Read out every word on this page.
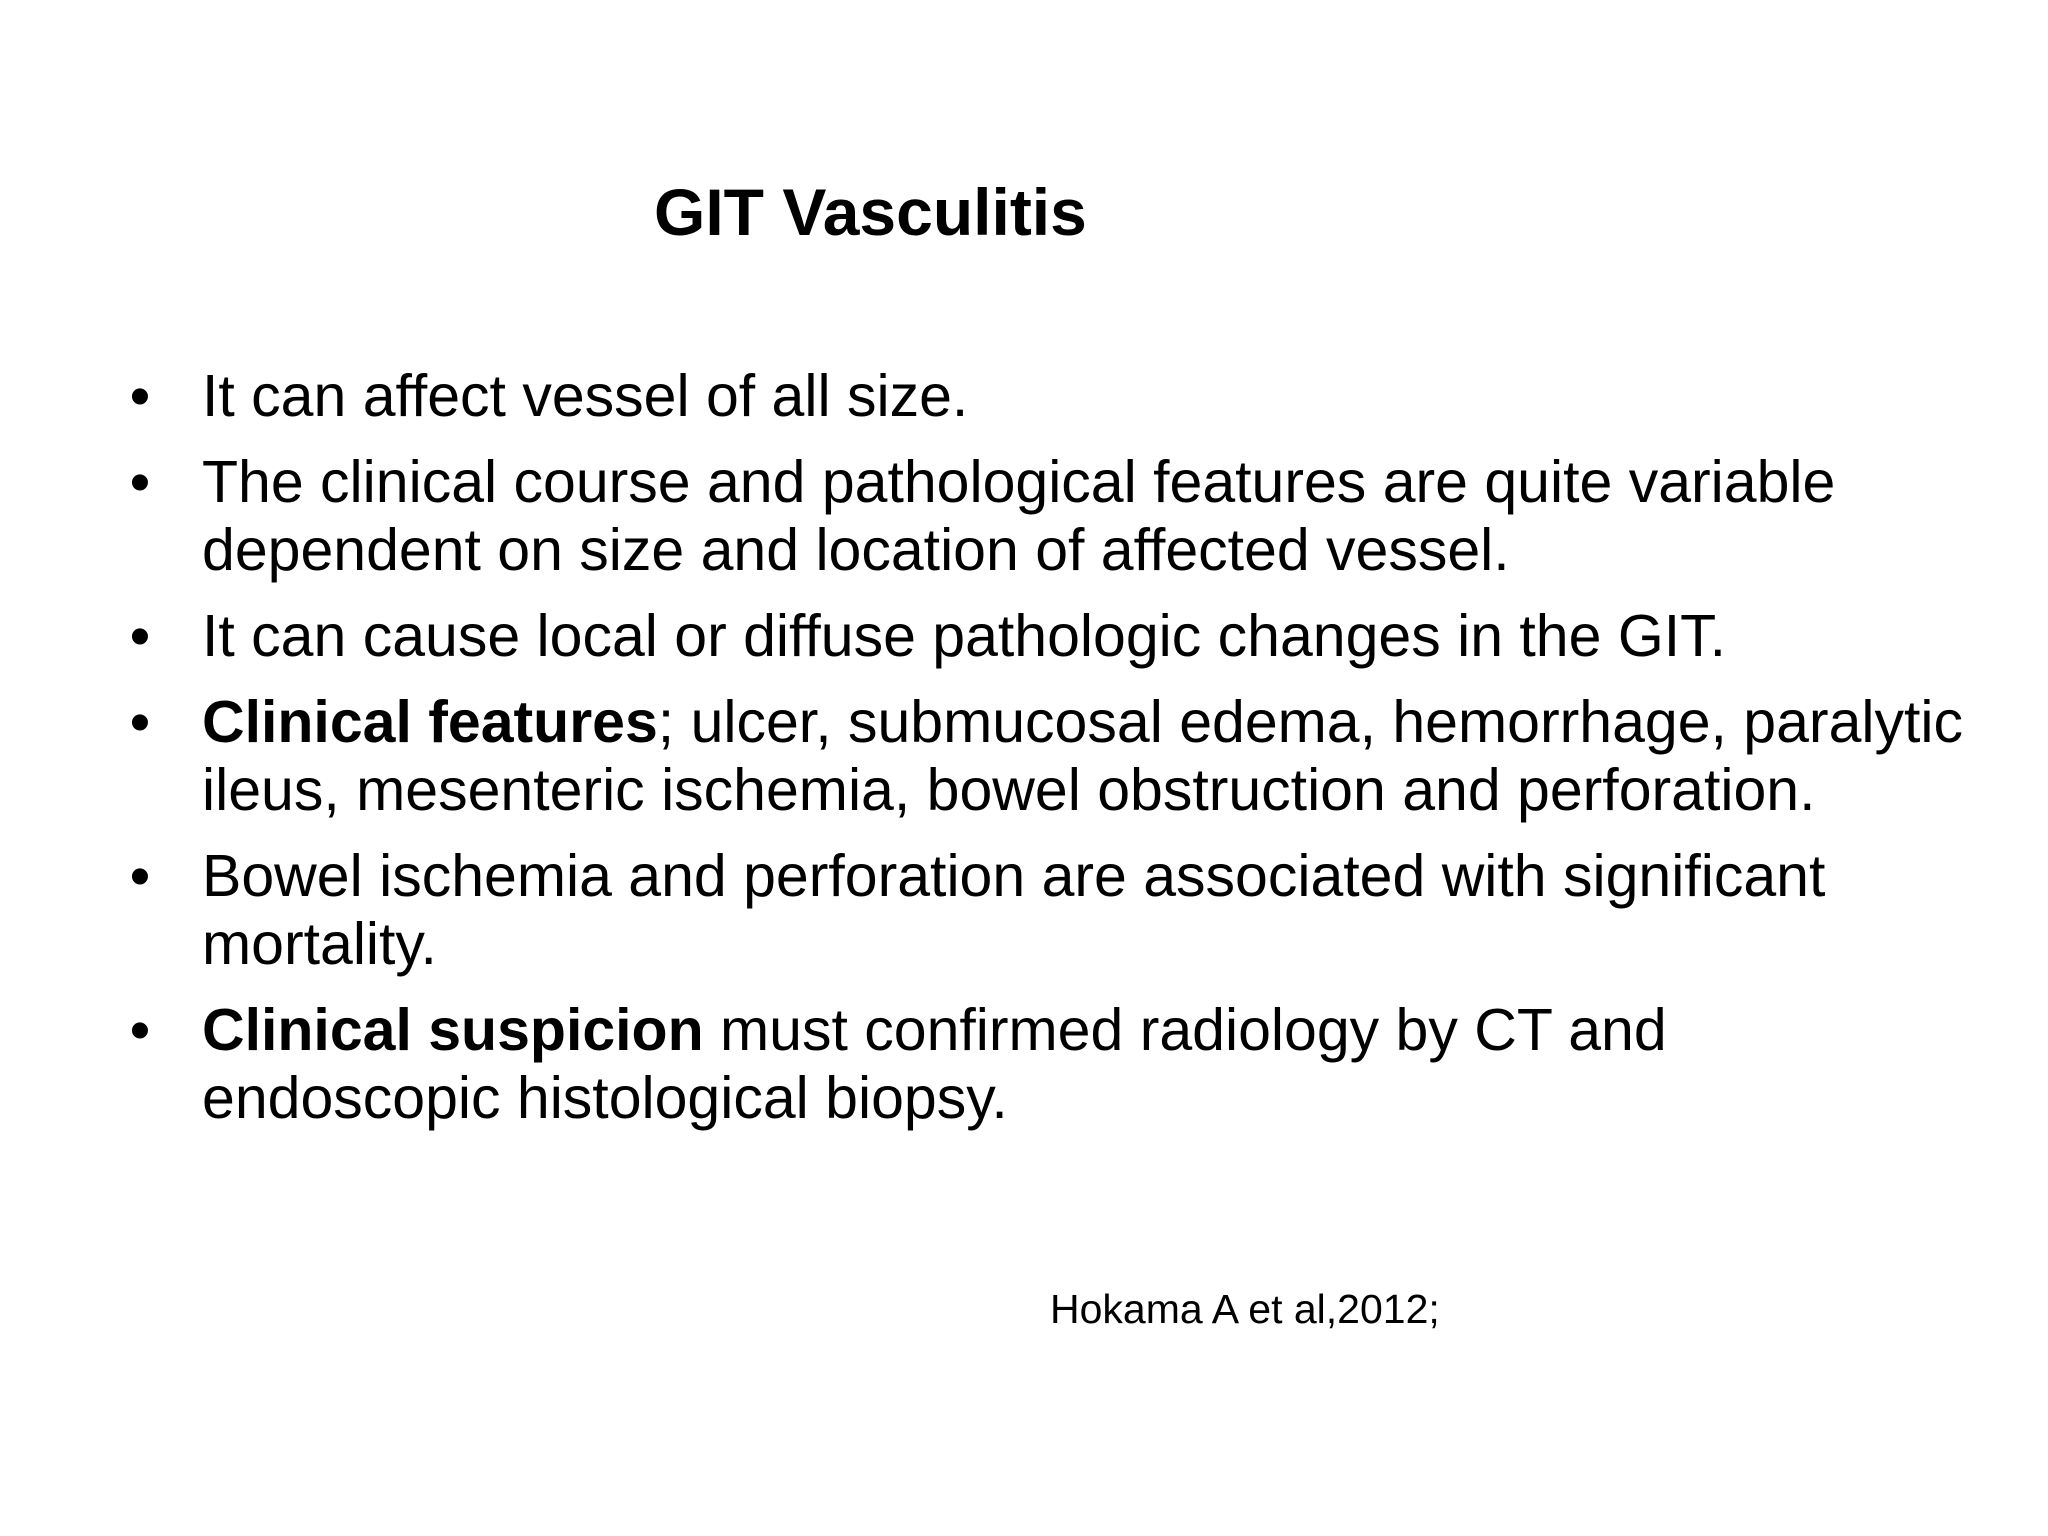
GIT Vasculitis
• It can affect vessel of all size.
• The clinical course and pathological features are quite variable dependent on size and location of affected vessel.
• It can cause local or diffuse pathologic changes in the GIT.
• Clinical features; ulcer, submucosal edema, hemorrhage, paralytic ileus, mesenteric ischemia, bowel obstruction and perforation.
• Bowel ischemia and perforation are associated with significant mortality.
• Clinical suspicion must confirmed radiology by CT and endoscopic histological biopsy.
Hokama A et al,2012;
